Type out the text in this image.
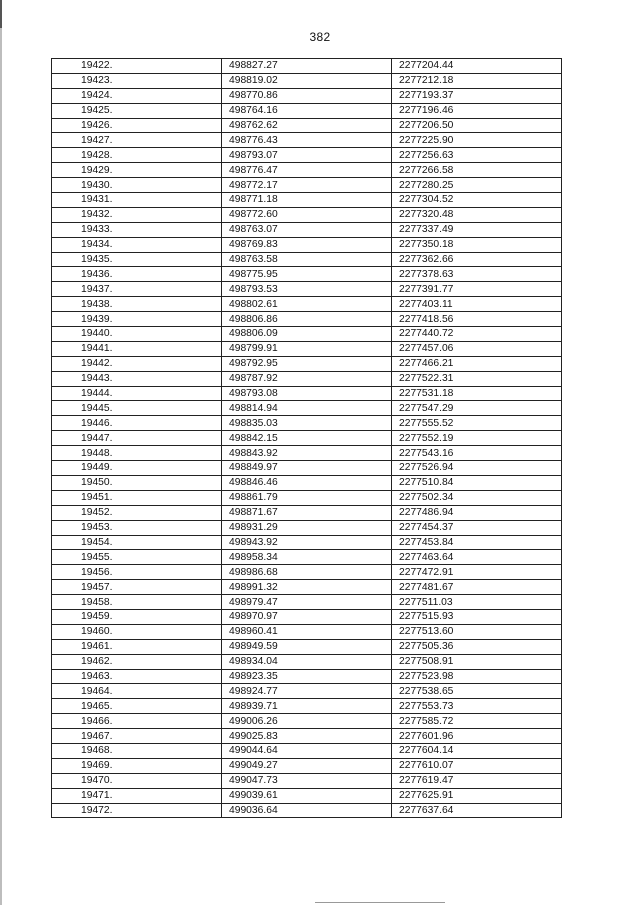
382
19422.	498827.27	2277204.44
19423.	498819.02	2277212.18
19424.	498770.86	2277193.37
19425.	498764.16	2277196.46
19426.	498762.62	2277206.50
19427.	498776.43	2277225.90
19428.	498793.07	2277256.63
19429.	498776.47	2277266.58
19430.	498772.17	2277280.25
19431.	498771.18	2277304.52
19432.	498772.60	2277320.48
19433.	498763.07	2277337.49
19434.	498769.83	2277350.18
19435.	498763.58	2277362.66
19436.	498775.95	2277378.63
19437.	498793.53	2277391.77
19438.	498802.61	2277403.11
19439.	498806.86	2277418.56
19440.	498806.09	2277440.72
19441.	498799.91	2277457.06
19442.	498792.95	2277466.21
19443.	498787.92	2277522.31
19444.	498793.08	2277531.18
19445.	498814.94	2277547.29
19446.	498835.03	2277555.52
19447.	498842.15	2277552.19
19448.	498843.92	2277543.16
19449.	498849.97	2277526.94
19450.	498846.46	2277510.84
19451.	498861.79	2277502.34
19452.	498871.67	2277486.94
19453.	498931.29	2277454.37
19454.	498943.92	2277453.84
19455.	498958.34	2277463.64
19456.	498986.68	2277472.91
19457.	498991.32	2277481.67
19458.	498979.47	2277511.03
19459.	498970.97	2277515.93
19460.	498960.41	2277513.60
19461.	498949.59	2277505.36
19462.	498934.04	2277508.91
19463.	498923.35	2277523.98
19464.	498924.77	2277538.65
19465.	498939.71	2277553.73
19466.	499006.26	2277585.72
19467.	499025.83	2277601.96
19468.	499044.64	2277604.14
19469.	499049.27	2277610.07
19470.	499047.73	2277619.47
19471.	499039.61	2277625.91
19472.	499036.64	2277637.64
